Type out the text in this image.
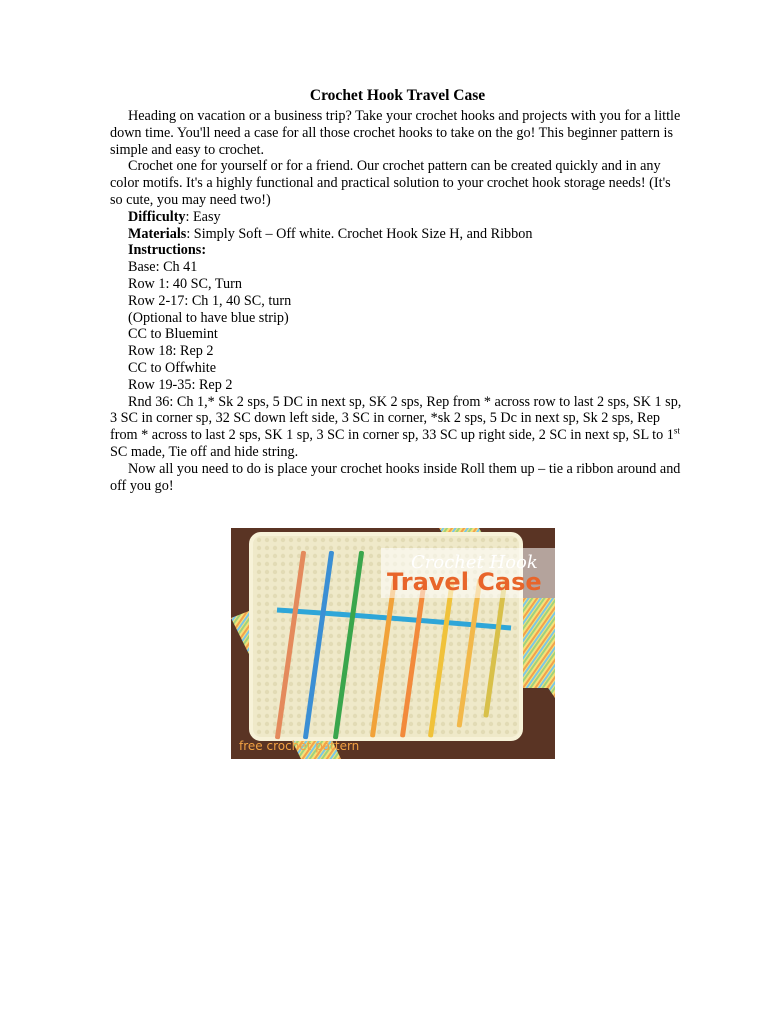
Crochet Hook Travel Case

Heading on vacation or a business trip? Take your crochet hooks and projects with you for a little down time. You'll need a case for all those crochet hooks to take on the go! This beginner pattern is simple and easy to crochet.

Crochet one for yourself or for a friend. Our crochet pattern can be created quickly and in any color motifs. It's a highly functional and practical solution to your crochet hook storage needs! (It's so cute, you may need two!)

Difficulty: Easy

Materials: Simply Soft – Off white. Crochet Hook Size H, and Ribbon

Instructions:

Base: Ch 41

Row 1: 40 SC, Turn

Row 2-17: Ch 1, 40 SC, turn

(Optional to have blue strip)

CC to Bluemint

Row 18: Rep 2

CC to Offwhite

Row 19-35: Rep 2

Rnd 36: Ch 1,* Sk 2 sps, 5 DC in next sp, SK 2 sps, Rep from * across row to last 2 sps, SK 1 sp, 3 SC in corner sp, 32 SC down left side, 3 SC in corner, *sk 2 sps, 5 Dc in next sp, Sk 2 sps, Rep from * across to last 2 sps, SK 1 sp, 3 SC in corner sp, 33 SC up right side, 2 SC in next sp, SL to 1st SC made, Tie off and hide string.

Now all you need to do is place your crochet hooks inside Roll them up – tie a ribbon around and off you go!

Crochet Hook
Travel Case
free crochet pattern
